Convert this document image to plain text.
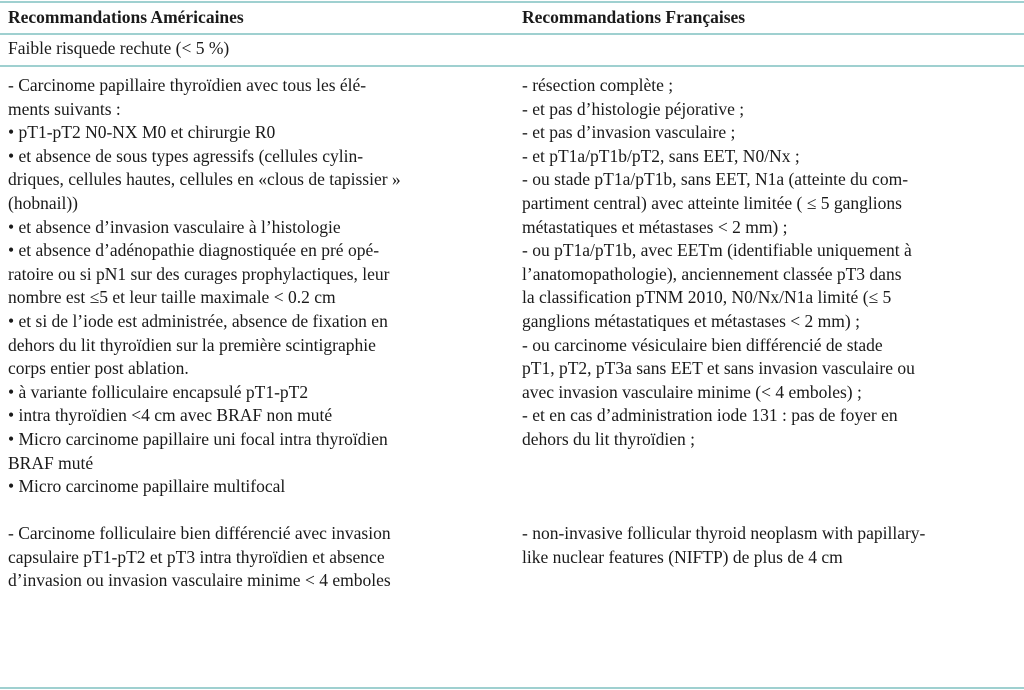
Recommandations Américaines	Recommandations Françaises
Faible risquede rechute (< 5 %)
- Carcinome papillaire thyroïdien avec tous les élé-
ments suivants :
• pT1-pT2 N0-NX M0 et chirurgie R0
• et absence de sous types agressifs (cellules cylin-
driques, cellules hautes, cellules en «clous de tapissier »
(hobnail))
• et absence d’invasion vasculaire à l’histologie
• et absence d’adénopathie diagnostiquée en pré opé-
ratoire ou si pN1 sur des curages prophylactiques, leur
nombre est ≤5 et leur taille maximale < 0.2 cm
• et si de l’iode est administrée, absence de fixation en
dehors du lit thyroïdien sur la première scintigraphie
corps entier post ablation.
• à variante folliculaire encapsulé pT1-pT2
• intra thyroïdien <4 cm avec BRAF non muté
• Micro carcinome papillaire uni focal intra thyroïdien
BRAF muté
• Micro carcinome papillaire multifocal
- Carcinome folliculaire bien différencié avec invasion
capsulaire pT1-pT2 et pT3 intra thyroïdien et absence
d’invasion ou invasion vasculaire minime < 4 emboles
- résection complète ;
- et pas d’histologie péjorative ;
- et pas d’invasion vasculaire ;
- et pT1a/pT1b/pT2, sans EET, N0/Nx ;
- ou stade pT1a/pT1b, sans EET, N1a (atteinte du com-
partiment central) avec atteinte limitée ( ≤ 5 ganglions
métastatiques et métastases < 2 mm) ;
- ou pT1a/pT1b, avec EETm (identifiable uniquement à
l’anatomopathologie), anciennement classée pT3 dans
la classification pTNM 2010, N0/Nx/N1a limité (≤ 5
ganglions métastatiques et métastases < 2 mm) ;
- ou carcinome vésiculaire bien différencié de stade
pT1, pT2, pT3a sans EET et sans invasion vasculaire ou
avec invasion vasculaire minime (< 4 emboles) ;
- et en cas d’administration iode 131 : pas de foyer en
dehors du lit thyroïdien ;
- non-invasive follicular thyroid neoplasm with papillary-
like nuclear features (NIFTP) de plus de 4 cm
